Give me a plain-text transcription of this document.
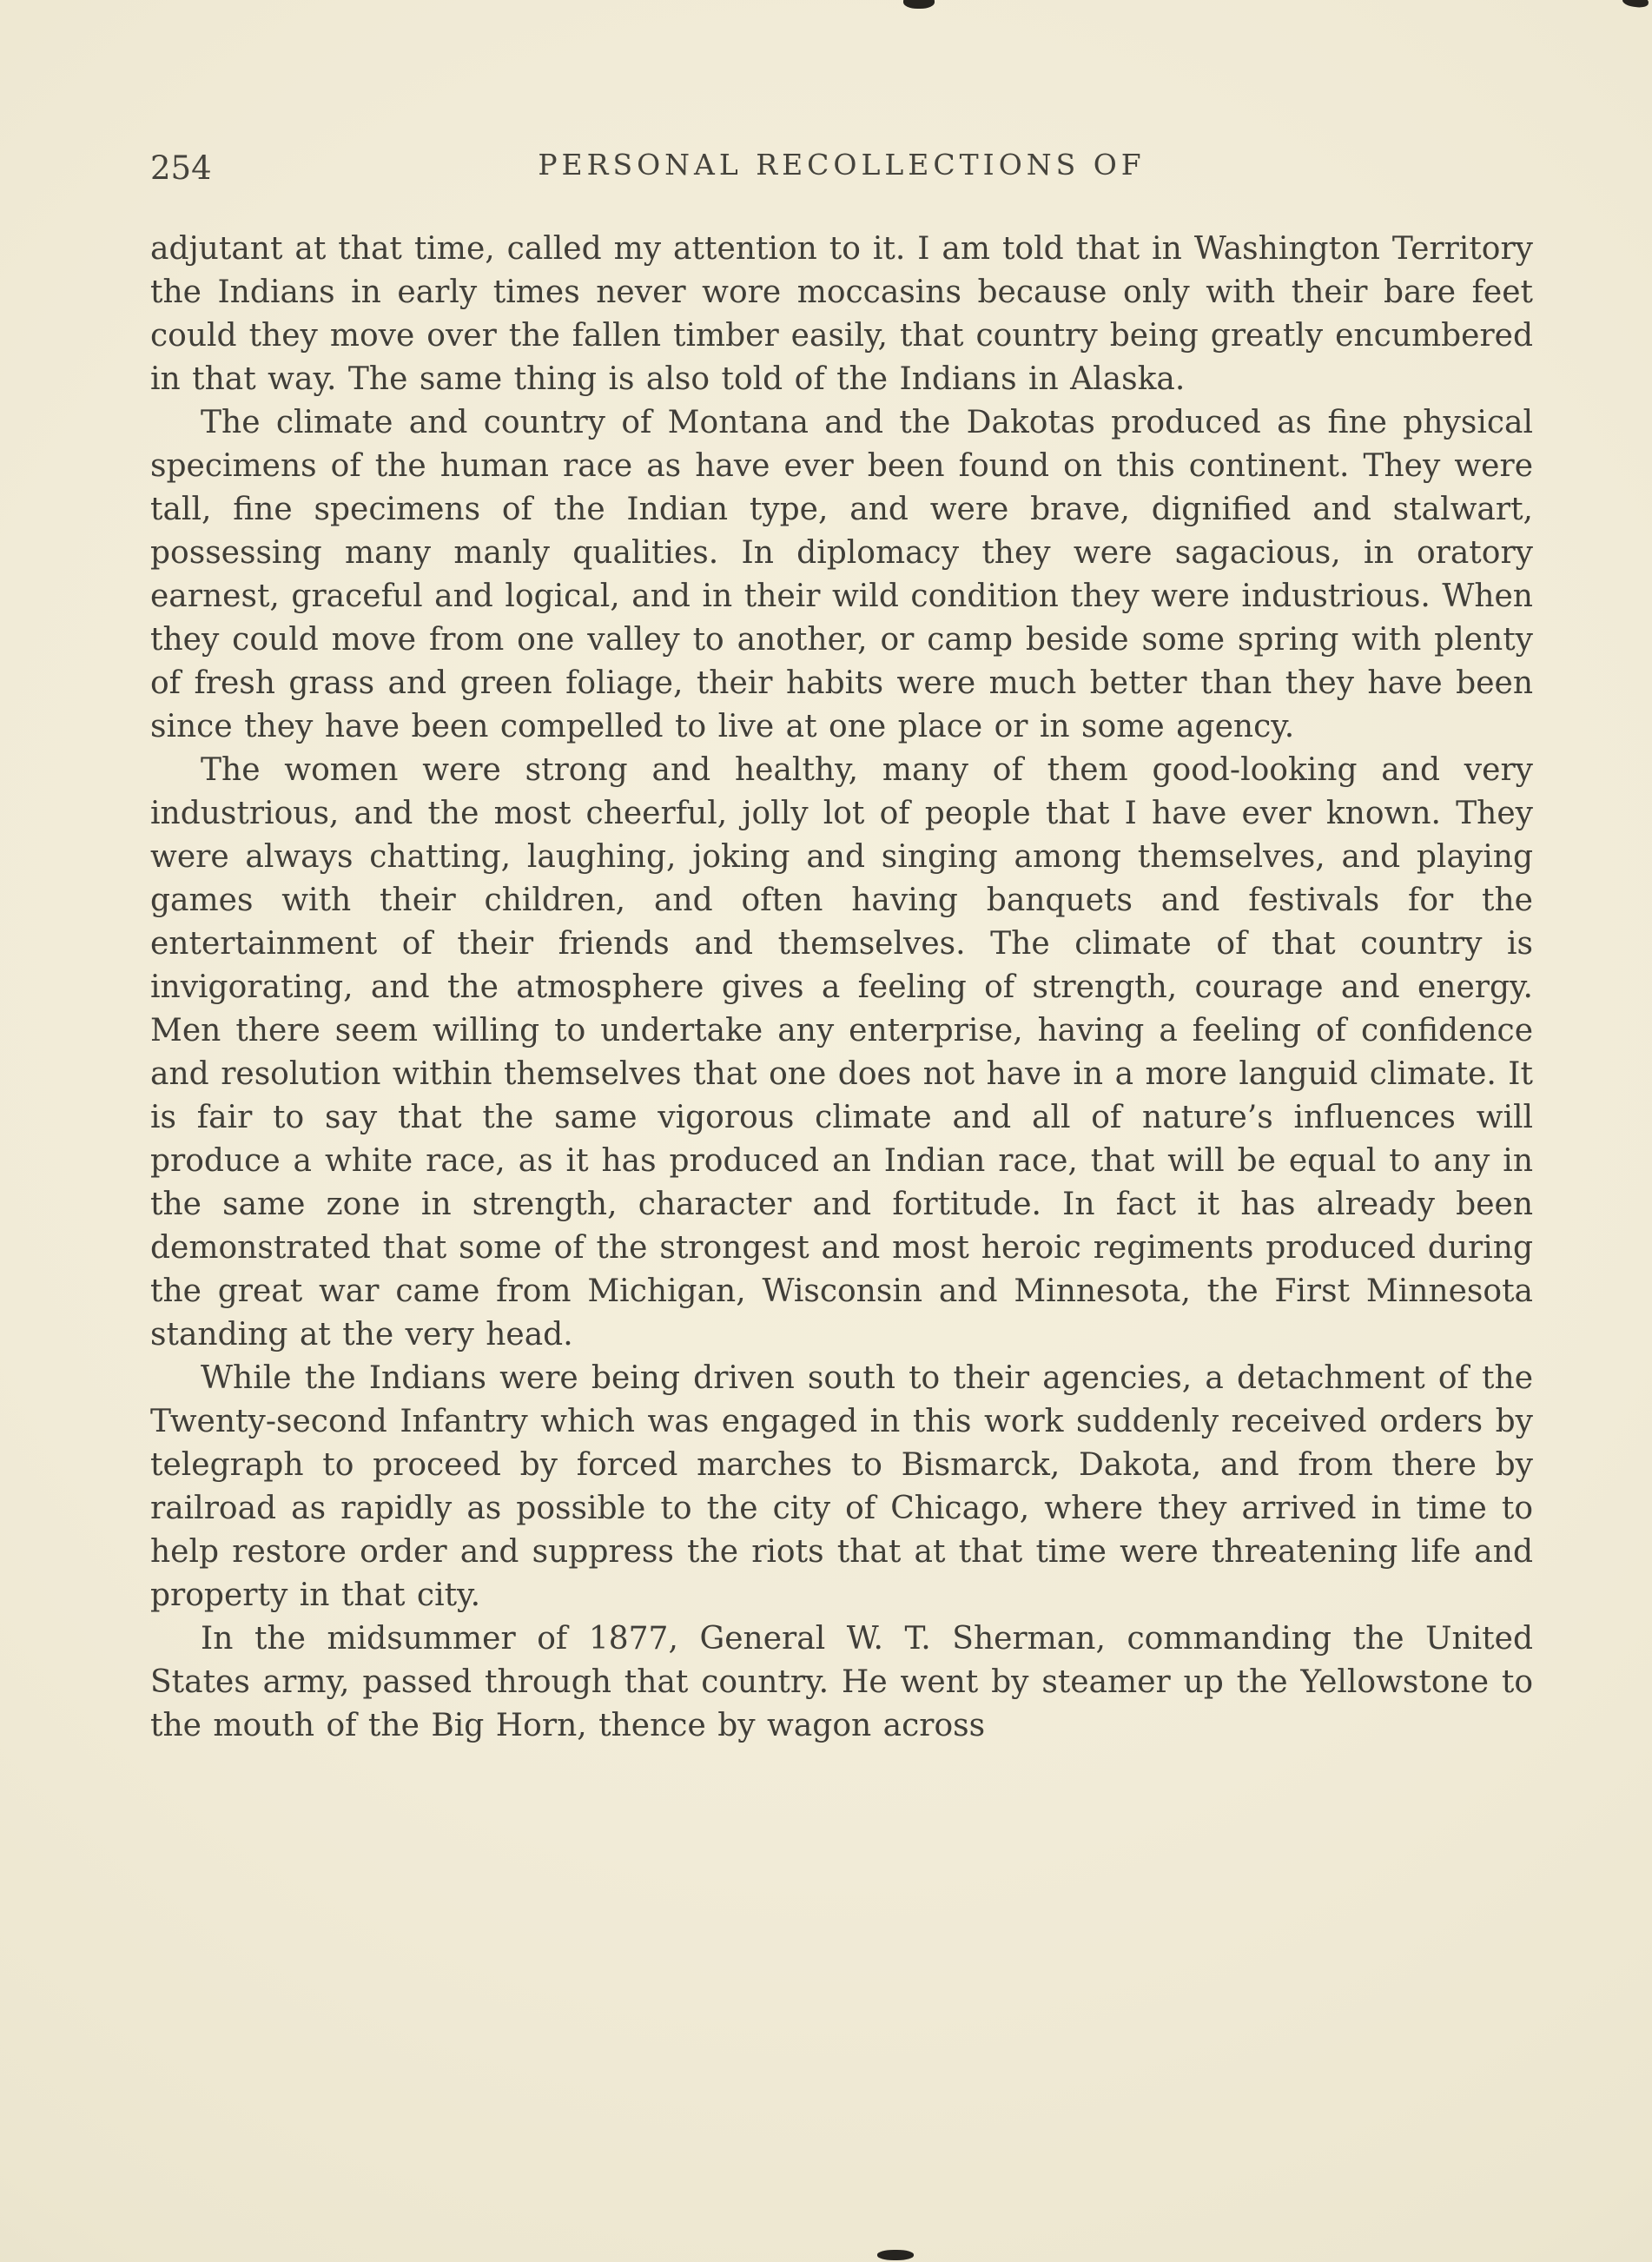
254	PERSONAL RECOLLECTIONS OF

adjutant at that time, called my attention to it. I am told that in Washington Territory the Indians in early times never wore moccasins because only with their bare feet could they move over the fallen timber easily, that country being greatly encumbered in that way. The same thing is also told of the Indians in Alaska.

The climate and country of Montana and the Dakotas produced as fine physical specimens of the human race as have ever been found on this continent. They were tall, fine specimens of the Indian type, and were brave, dignified and stalwart, possessing many manly qualities. In diplomacy they were sagacious, in oratory earnest, graceful and logical, and in their wild condition they were industrious. When they could move from one valley to another, or camp beside some spring with plenty of fresh grass and green foliage, their habits were much better than they have been since they have been compelled to live at one place or in some agency.

The women were strong and healthy, many of them good-looking and very industrious, and the most cheerful, jolly lot of people that I have ever known. They were always chatting, laughing, joking and singing among themselves, and playing games with their children, and often having banquets and festivals for the entertainment of their friends and themselves. The climate of that country is invigorating, and the atmosphere gives a feeling of strength, courage and energy. Men there seem willing to undertake any enterprise, having a feeling of confidence and resolution within themselves that one does not have in a more languid climate. It is fair to say that the same vigorous climate and all of nature’s influences will produce a white race, as it has produced an Indian race, that will be equal to any in the same zone in strength, character and fortitude. In fact it has already been demonstrated that some of the strongest and most heroic regiments produced during the great war came from Michigan, Wisconsin and Minnesota, the First Minnesota standing at the very head.

While the Indians were being driven south to their agencies, a detachment of the Twenty-second Infantry which was engaged in this work suddenly received orders by telegraph to proceed by forced marches to Bismarck, Dakota, and from there by railroad as rapidly as possible to the city of Chicago, where they arrived in time to help restore order and suppress the riots that at that time were threatening life and property in that city.

In the midsummer of 1877, General W. T. Sherman, commanding the United States army, passed through that country. He went by steamer up the Yellowstone to the mouth of the Big Horn, thence by wagon across
